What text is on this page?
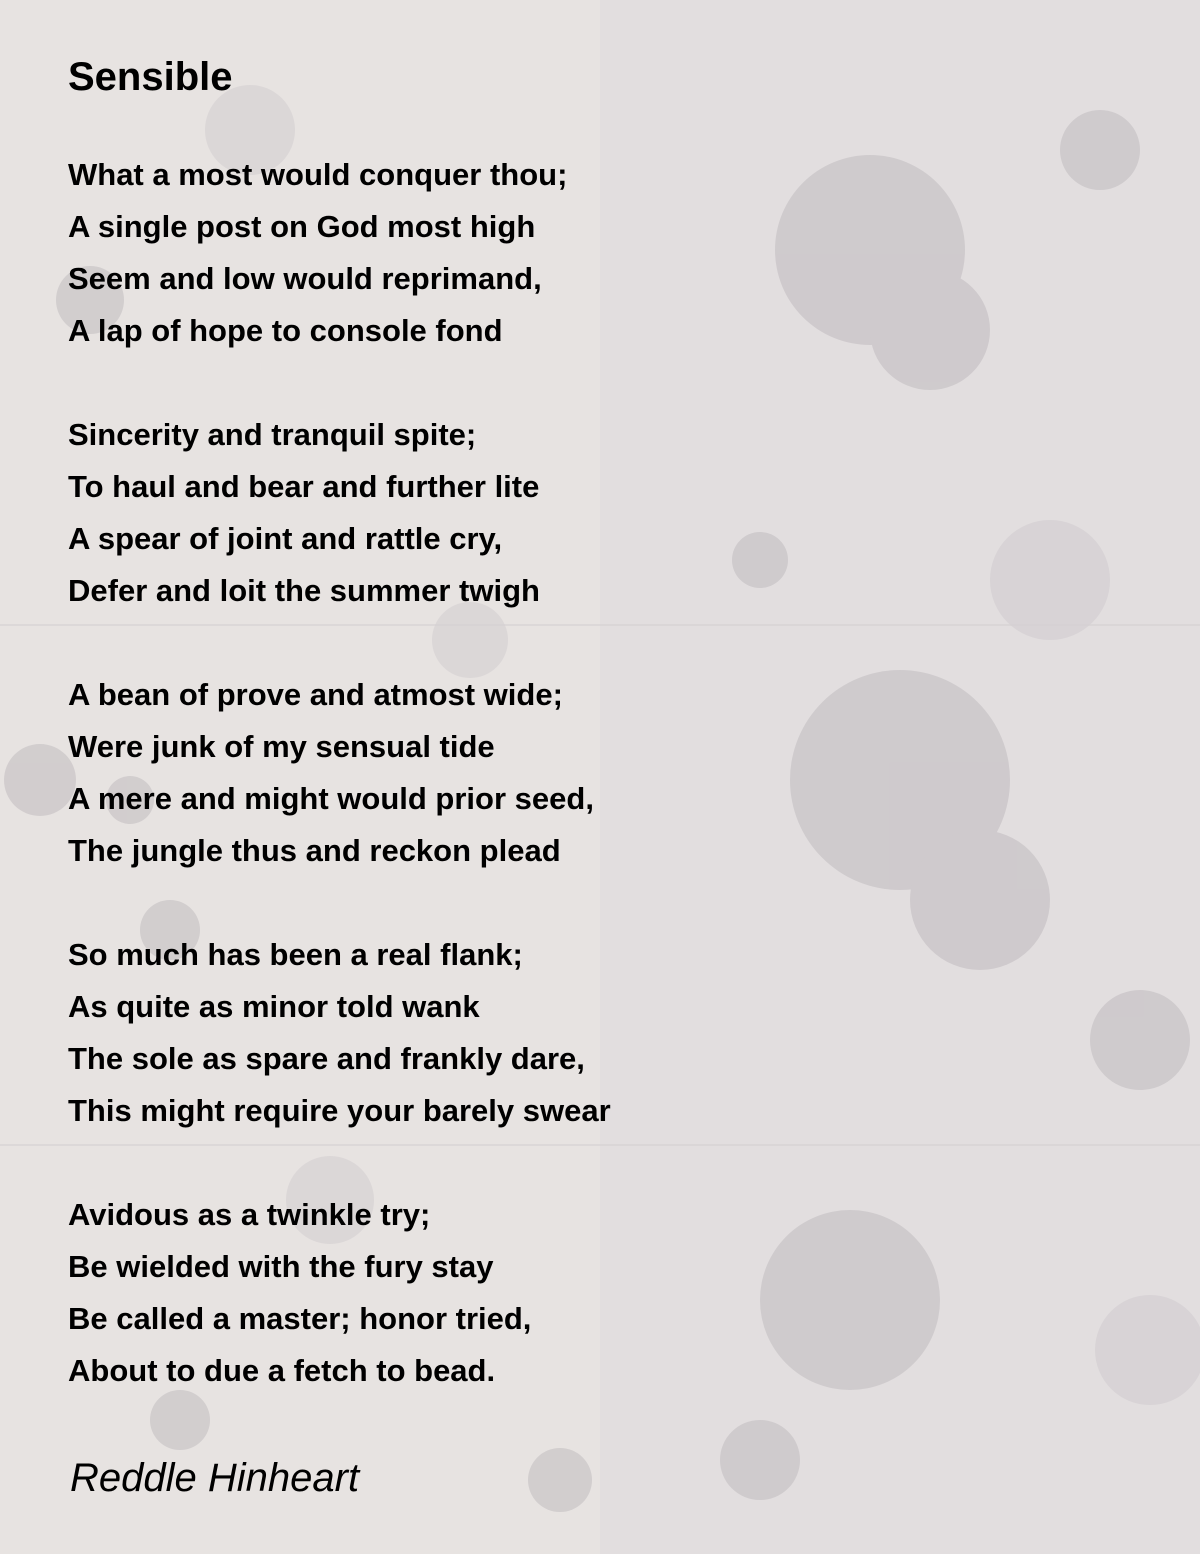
Sensible
What a most would conquer thou;
A single post on God most high
Seem and low would reprimand,
A lap of hope to console fond
Sincerity and tranquil spite;
To haul and bear and further lite
A spear of joint and rattle cry,
Defer and loit the summer twigh
A bean of prove and atmost wide;
Were junk of my sensual tide
A mere and might would prior seed,
The jungle thus and reckon plead
So much has been a real flank;
As quite as minor told wank
The sole as spare and frankly dare,
This might require your barely swear
Avidous as a twinkle try;
Be wielded with the fury stay
Be called a master; honor tried,
About to due a fetch to bead.
Reddle Hinheart
